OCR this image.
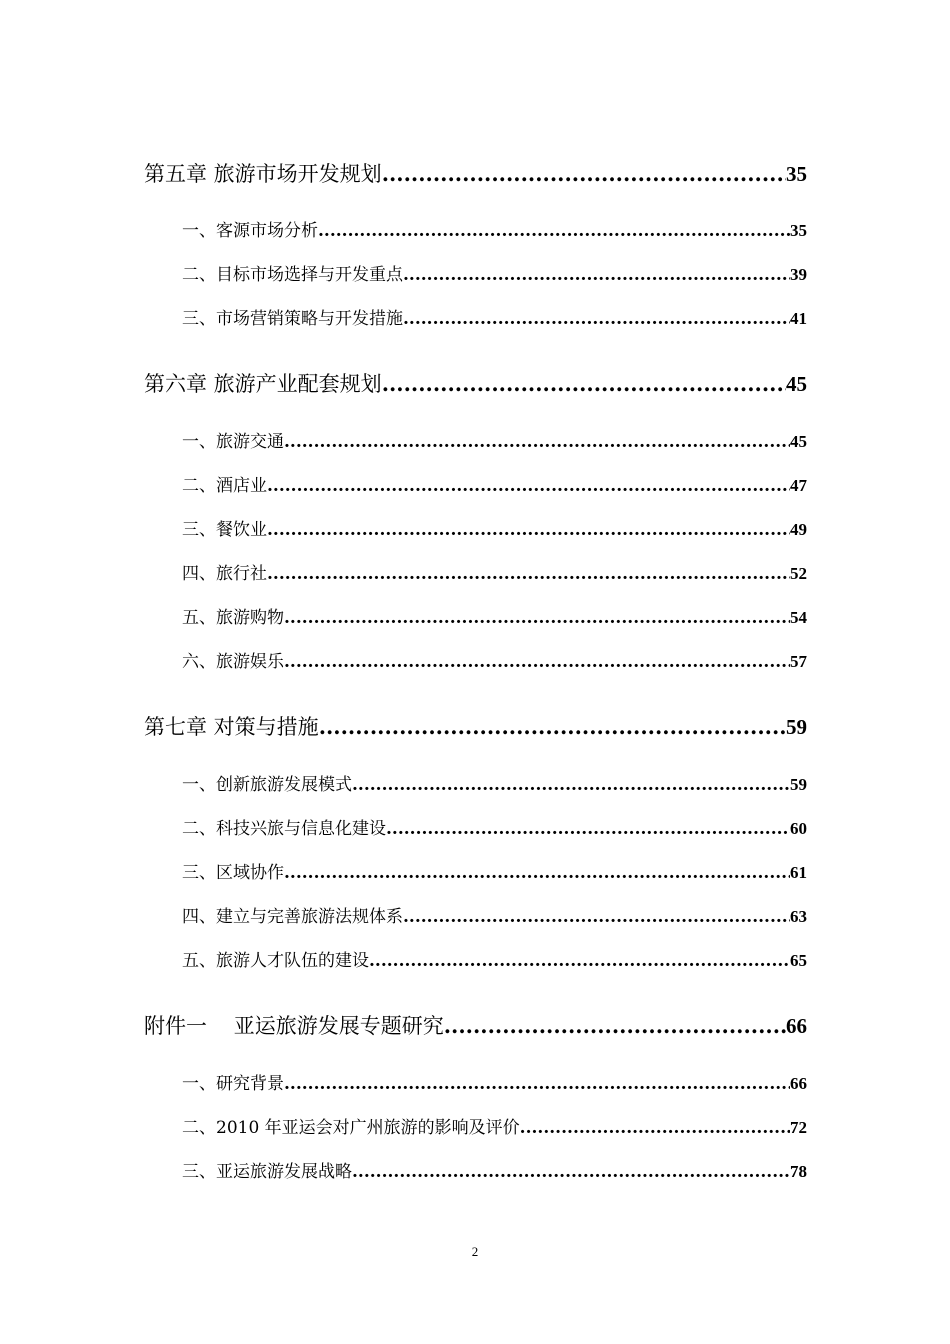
第五章 旅游市场开发规划 .....	35
一、客源市场分析 .....	35
二、目标市场选择与开发重点 .....	39
三、市场营销策略与开发措施 .....	41
第六章 旅游产业配套规划 .....	45
一、旅游交通 .....	45
二、酒店业 .....	47
三、餐饮业 .....	49
四、旅行社 .....	52
五、旅游购物 .....	54
六、旅游娱乐 .....	57
第七章 对策与措施 .....	59
一、创新旅游发展模式 .....	59
二、科技兴旅与信息化建设 .....	60
三、区域协作 .....	61
四、建立与完善旅游法规体系 .....	63
五、旅游人才队伍的建设 .....	65
附件一    亚运旅游发展专题研究 .....	66
一、研究背景 .....	66
二、2010 年亚运会对广州旅游的影响及评价 .....	72
三、亚运旅游发展战略 .....	78
2
